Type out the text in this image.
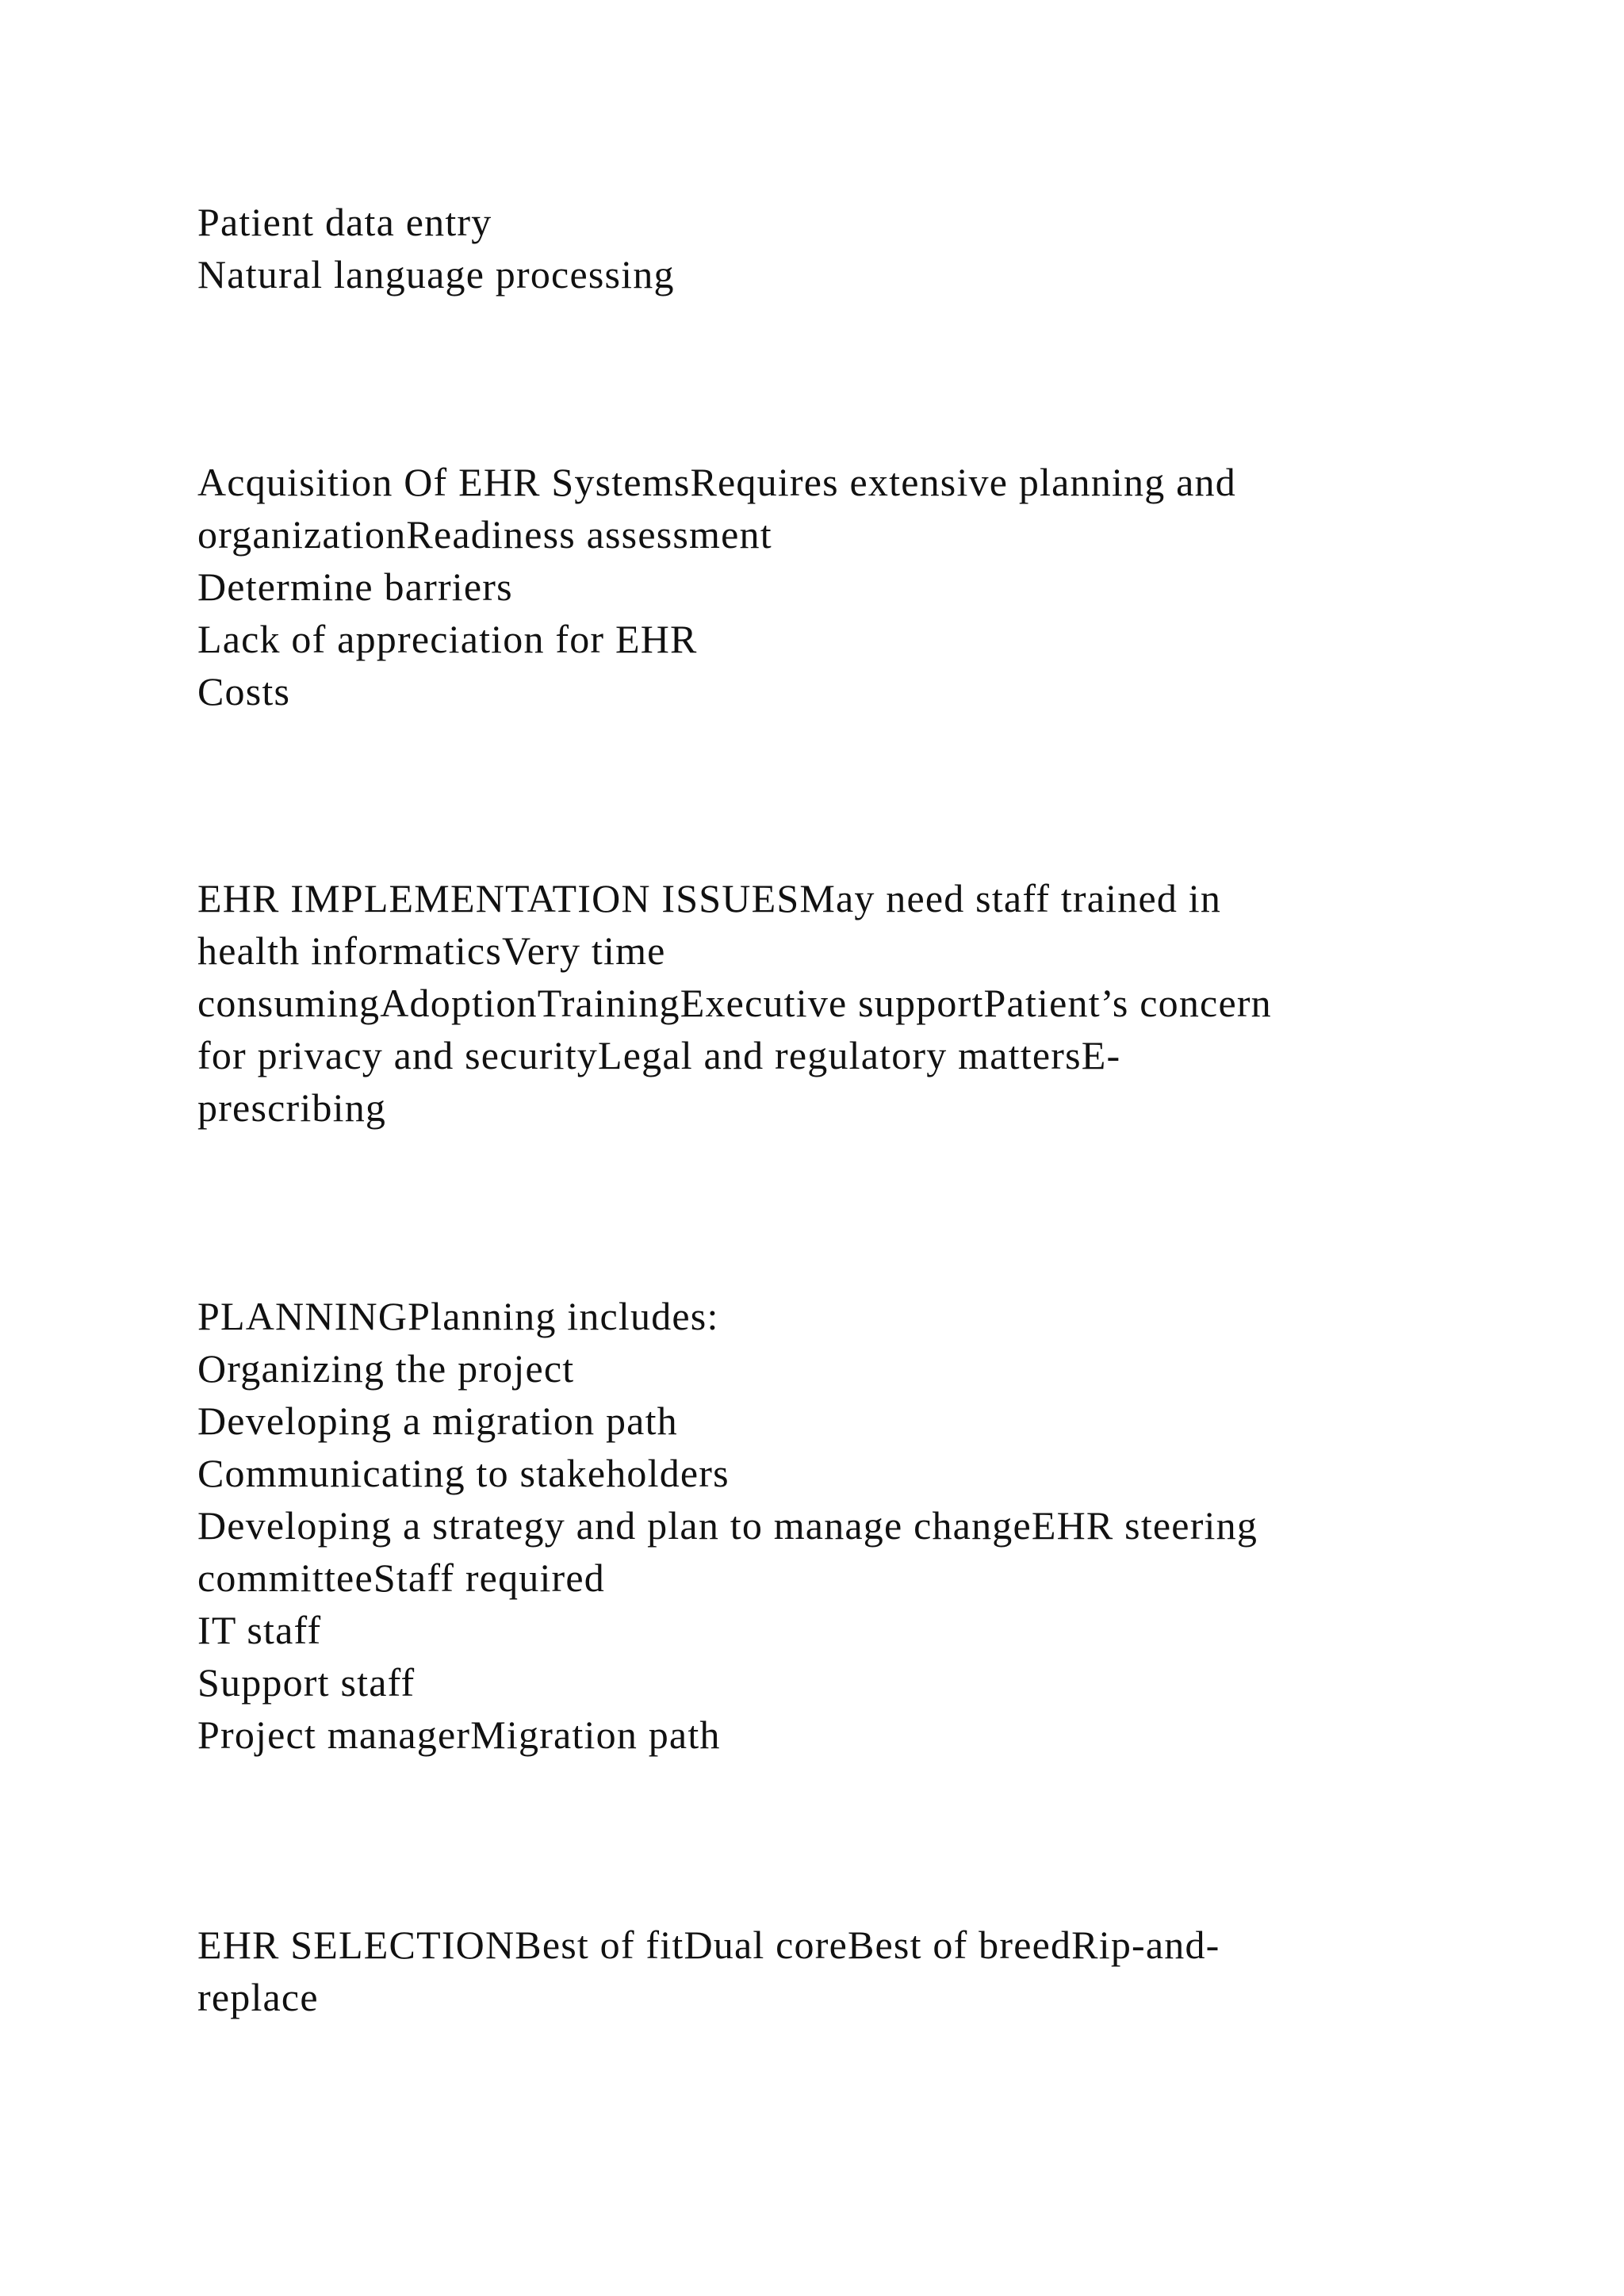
Patient data entry
Natural language processing
Acquisition Of EHR SystemsRequires extensive planning and
organizationReadiness assessment
Determine barriers
Lack of appreciation for EHR
Costs
EHR IMPLEMENTATION ISSUESMay need staff trained in
health informaticsVery time
consumingAdoptionTrainingExecutive supportPatient’s concern
for privacy and securityLegal and regulatory mattersE-
prescribing
PLANNINGPlanning includes:
Organizing the project
Developing a migration path
Communicating to stakeholders
Developing a strategy and plan to manage changeEHR steering
committeeStaff required
IT staff
Support staff
Project managerMigration path
EHR SELECTIONBest of fitDual coreBest of breedRip-and-
replace
